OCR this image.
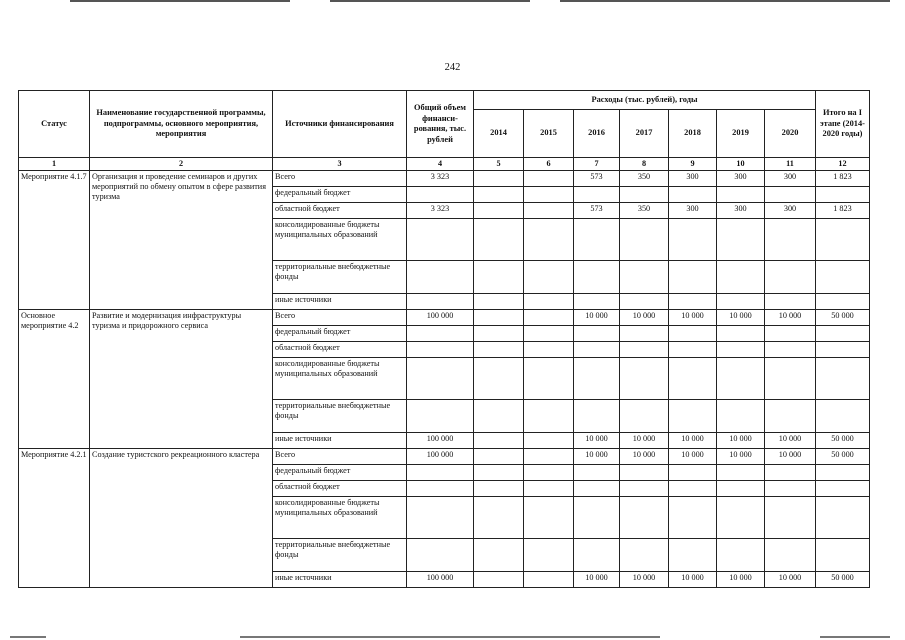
242
Статус	Наименование государственной программы, подпрограммы, основного мероприятия, мероприятия	Источники финансирования	Общий объем финанси-рования, тыс. рублей	Расходы (тыс. рублей), годы							Итого на I этапе (2014-2020 годы)
				2014	2015	2016	2017	2018	2019	2020	
1	2	3	4	5	6	7	8	9	10	11	12
Мероприятие 4.1.7	Организация и проведение семинаров и других мероприятий по обмену опытом в сфере развития туризма	Всего	3 323			573	350	300	300	300	1 823
		федеральный бюджет									
		областной бюджет	3 323			573	350	300	300	300	1 823
		консолидированные бюджеты муниципальных образований									
		территориальные внебюджетные фонды									
		иные источники									
Основное мероприятие 4.2	Развитие и модернизация инфраструктуры туризма и придорожного сервиса	Всего	100 000			10 000	10 000	10 000	10 000	10 000	50 000
		федеральный бюджет									
		областной бюджет									
		консолидированные бюджеты муниципальных образований									
		территориальные внебюджетные фонды									
		иные источники	100 000			10 000	10 000	10 000	10 000	10 000	50 000
Мероприятие 4.2.1	Создание туристского рекреационного кластера	Всего	100 000			10 000	10 000	10 000	10 000	10 000	50 000
		федеральный бюджет									
		областной бюджет									
		консолидированные бюджеты муниципальных образований									
		территориальные внебюджетные фонды									
		иные источники	100 000			10 000	10 000	10 000	10 000	10 000	50 000
